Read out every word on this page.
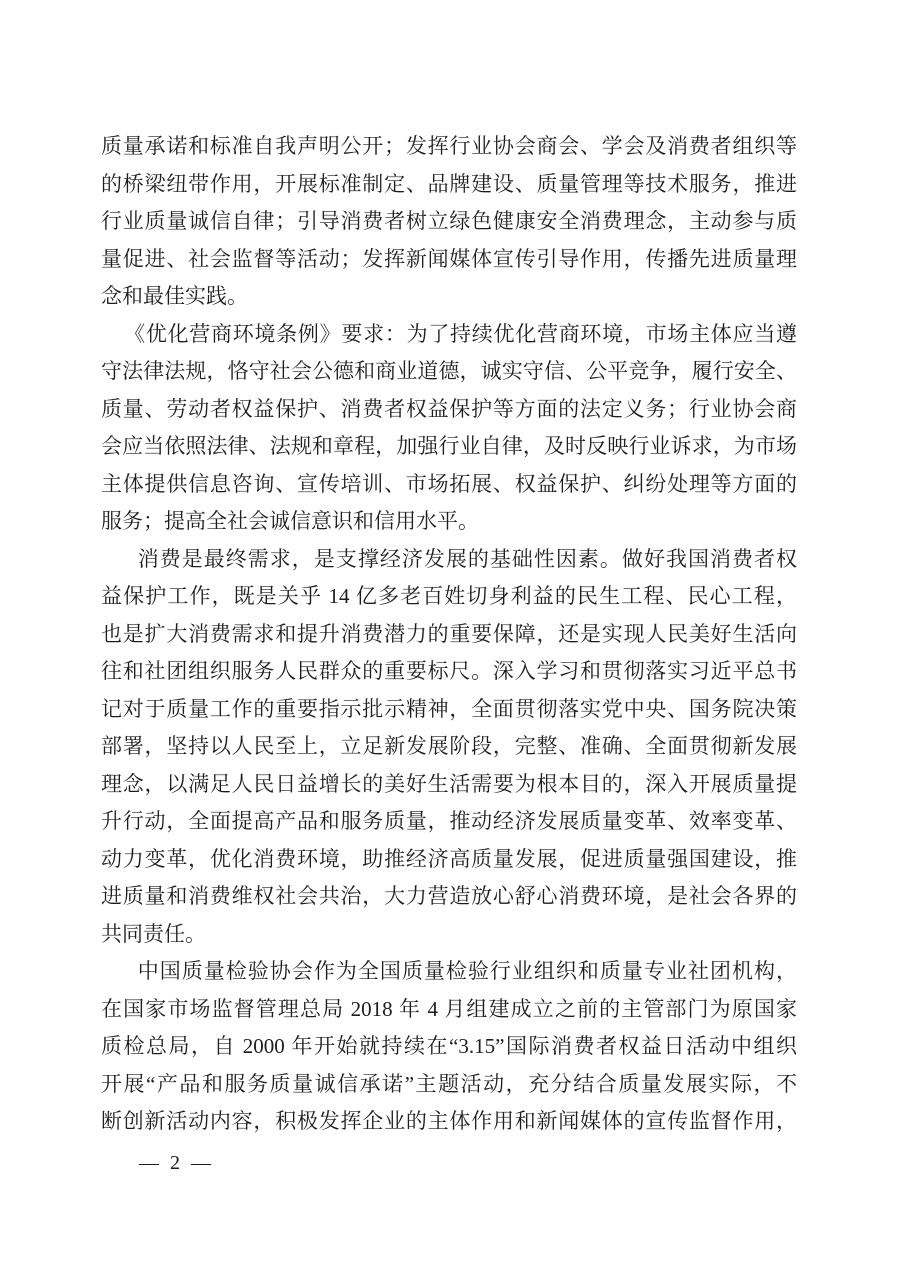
质量承诺和标准自我声明公开；发挥行业协会商会、学会及消费者组织等
的桥梁纽带作用，开展标准制定、品牌建设、质量管理等技术服务，推进
行业质量诚信自律；引导消费者树立绿色健康安全消费理念，主动参与质
量促进、社会监督等活动；发挥新闻媒体宣传引导作用，传播先进质量理
念和最佳实践。
《优化营商环境条例》要求：为了持续优化营商环境，市场主体应当遵
守法律法规，恪守社会公德和商业道德，诚实守信、公平竞争，履行安全、
质量、劳动者权益保护、消费者权益保护等方面的法定义务；行业协会商
会应当依照法律、法规和章程，加强行业自律，及时反映行业诉求，为市场
主体提供信息咨询、宣传培训、市场拓展、权益保护、纠纷处理等方面的
服务；提高全社会诚信意识和信用水平。
消费是最终需求，是支撑经济发展的基础性因素。做好我国消费者权
益保护工作，既是关乎 14 亿多老百姓切身利益的民生工程、民心工程，
也是扩大消费需求和提升消费潜力的重要保障，还是实现人民美好生活向
往和社团组织服务人民群众的重要标尺。深入学习和贯彻落实习近平总书
记对于质量工作的重要指示批示精神，全面贯彻落实党中央、国务院决策
部署，坚持以人民至上，立足新发展阶段，完整、准确、全面贯彻新发展
理念，以满足人民日益增长的美好生活需要为根本目的，深入开展质量提
升行动，全面提高产品和服务质量，推动经济发展质量变革、效率变革、
动力变革，优化消费环境，助推经济高质量发展，促进质量强国建设，推
进质量和消费维权社会共治，大力营造放心舒心消费环境，是社会各界的
共同责任。
中国质量检验协会作为全国质量检验行业组织和质量专业社团机构，
在国家市场监督管理总局 2018 年 4 月组建成立之前的主管部门为原国家
质检总局，自 2000 年开始就持续在“3.15”国际消费者权益日活动中组织
开展“产品和服务质量诚信承诺”主题活动，充分结合质量发展实际，不
断创新活动内容，积极发挥企业的主体作用和新闻媒体的宣传监督作用，
— 2 —
